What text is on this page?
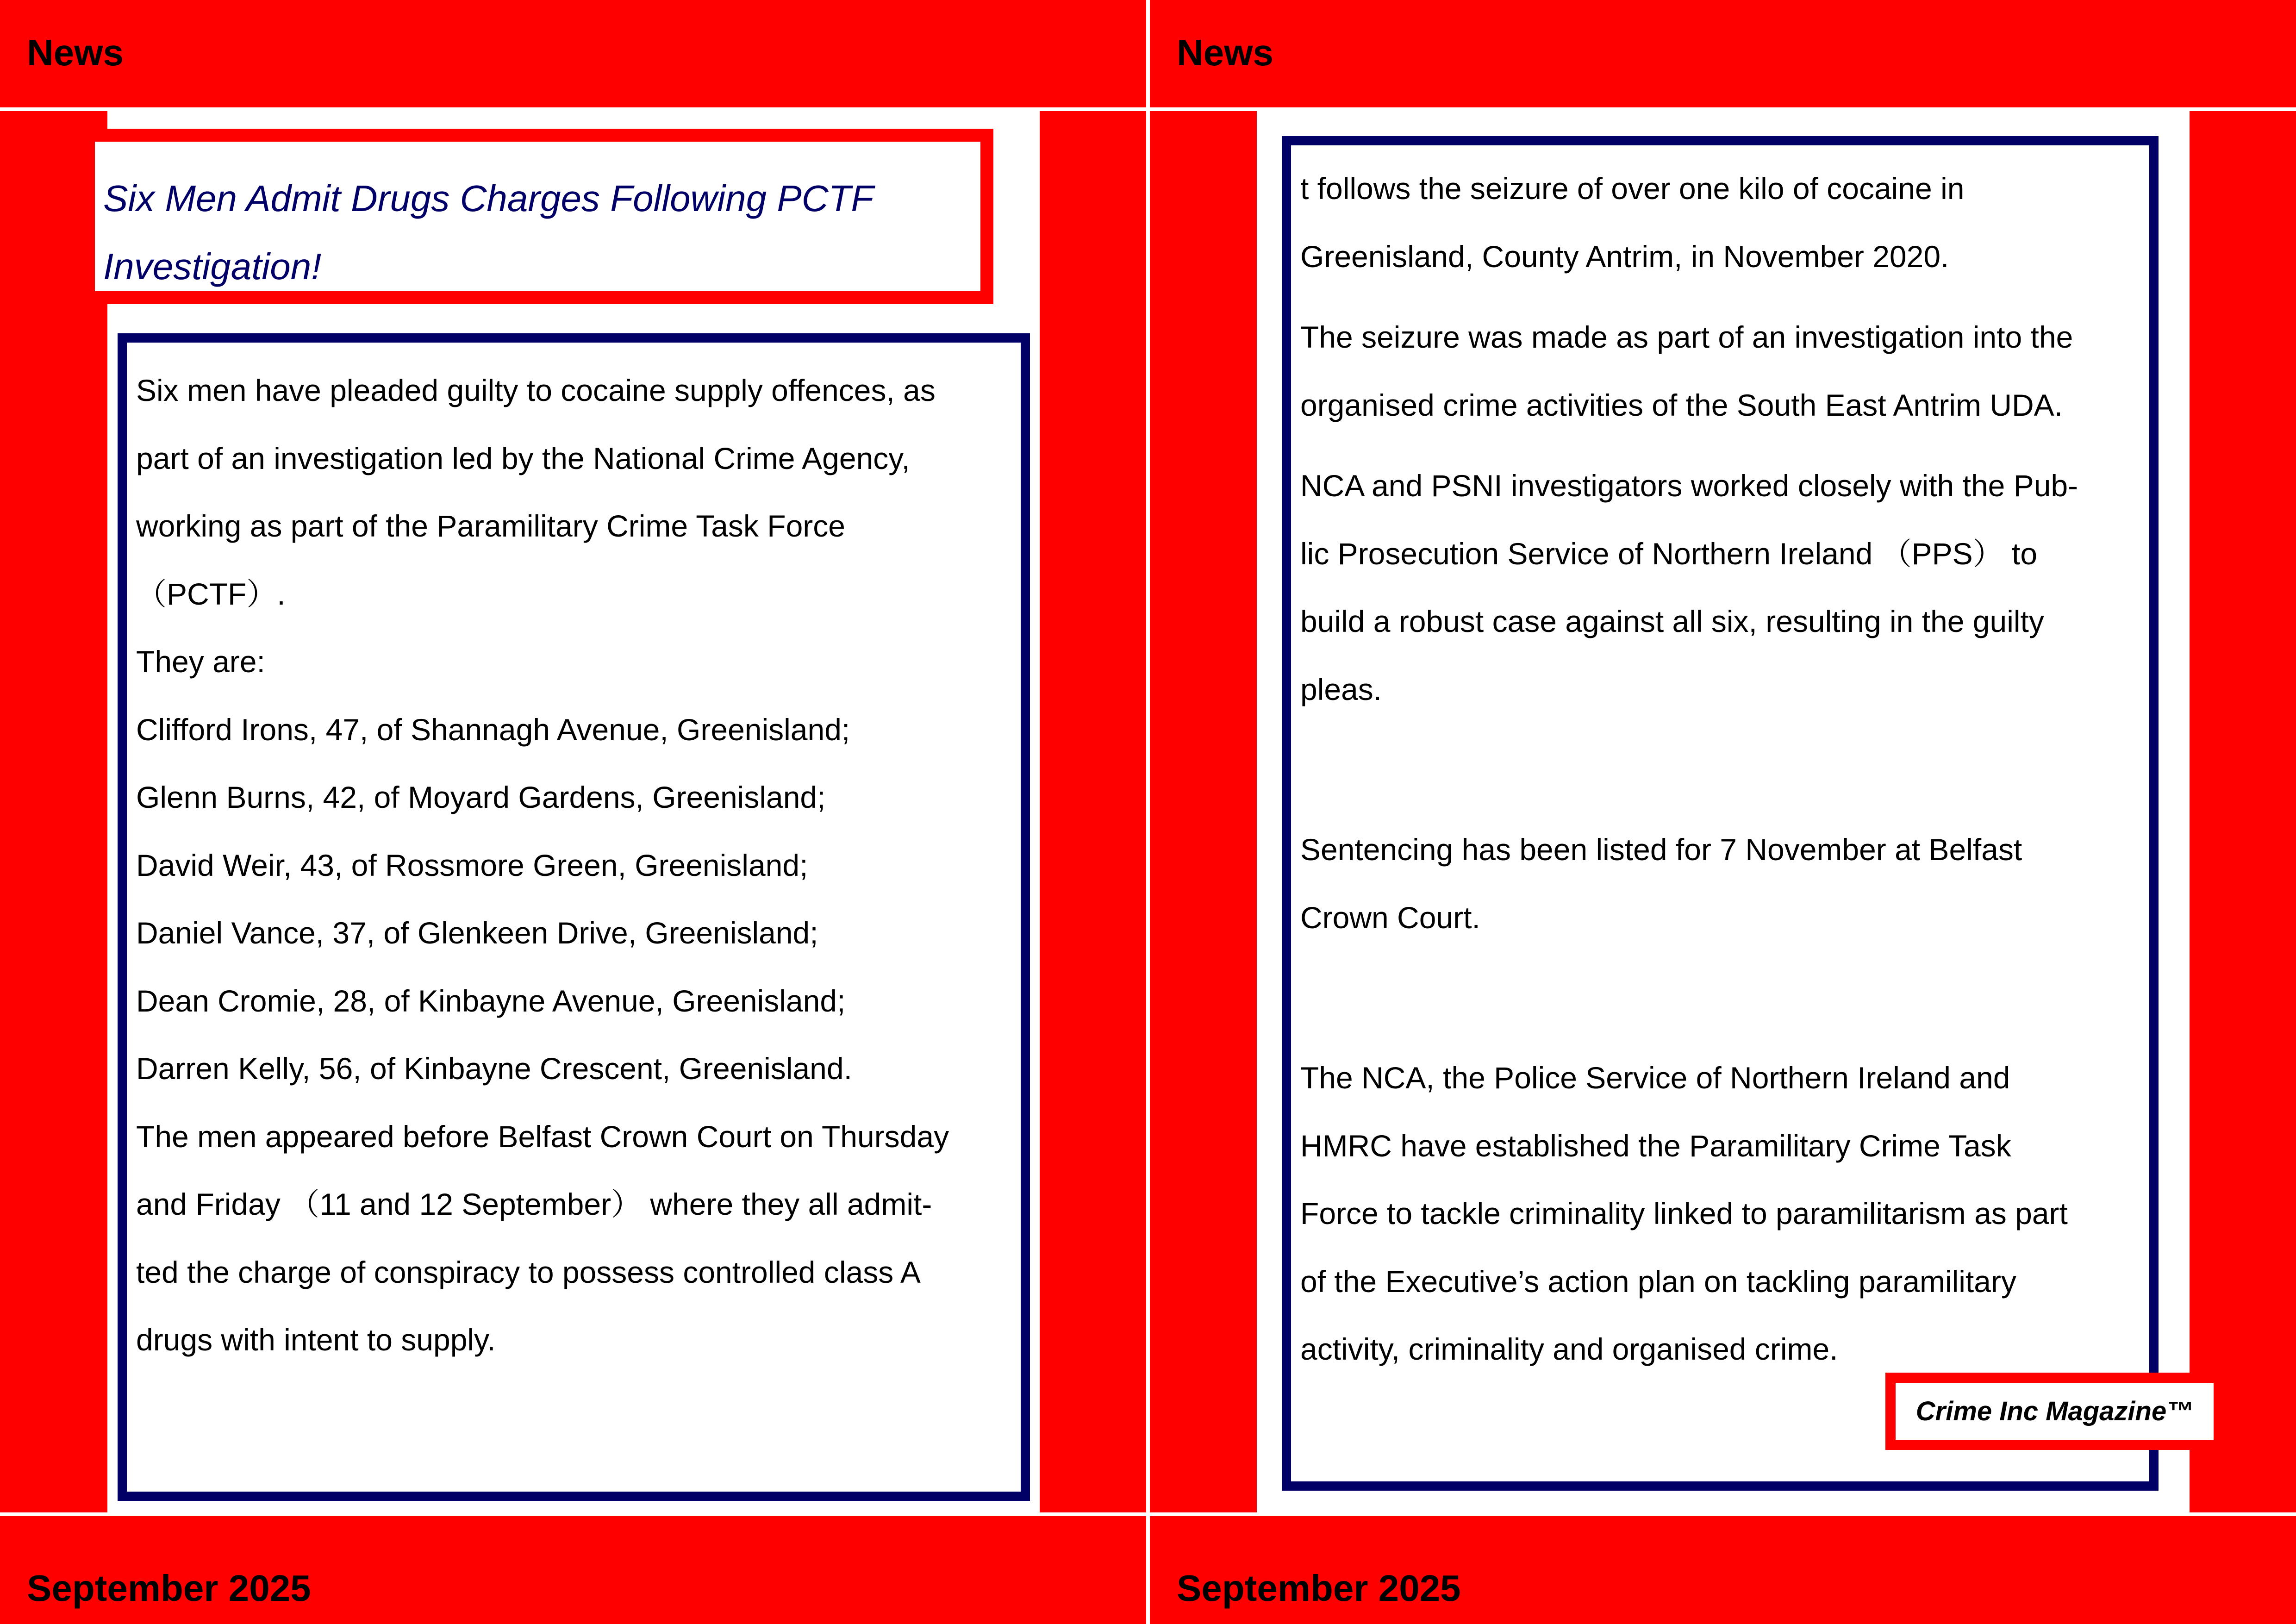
News
Six Men Admit Drugs Charges Following PCTF
Investigation!
Six men have pleaded guilty to cocaine supply offences, as
part of an investigation led by the National Crime Agency,
working as part of the Paramilitary Crime Task Force
（PCTF）.
They are:
Clifford Irons, 47, of Shannagh Avenue, Greenisland;
Glenn Burns, 42, of Moyard Gardens, Greenisland;
David Weir, 43, of Rossmore Green, Greenisland;
Daniel Vance, 37, of Glenkeen Drive, Greenisland;
Dean Cromie, 28, of Kinbayne Avenue, Greenisland;
Darren Kelly, 56, of Kinbayne Crescent, Greenisland.
The men appeared before Belfast Crown Court on Thursday
and Friday （11 and 12 September） where they all admit-
ted the charge of conspiracy to possess controlled class A
drugs with intent to supply.
September 2025
News
September 2025
t follows the seizure of over one kilo of cocaine in
Greenisland, County Antrim, in November 2020.
The seizure was made as part of an investigation into the
organised crime activities of the South East Antrim UDA.
NCA and PSNI investigators worked closely with the Pub-
lic Prosecution Service of Northern Ireland （PPS） to
build a robust case against all six, resulting in the guilty
pleas.
Sentencing has been listed for 7 November at Belfast
Crown Court.
The NCA, the Police Service of Northern Ireland and
HMRC have established the Paramilitary Crime Task
Force to tackle criminality linked to paramilitarism as part
of the Executive’s action plan on tackling paramilitary
activity, criminality and organised crime.
Crime Inc Magazine™
